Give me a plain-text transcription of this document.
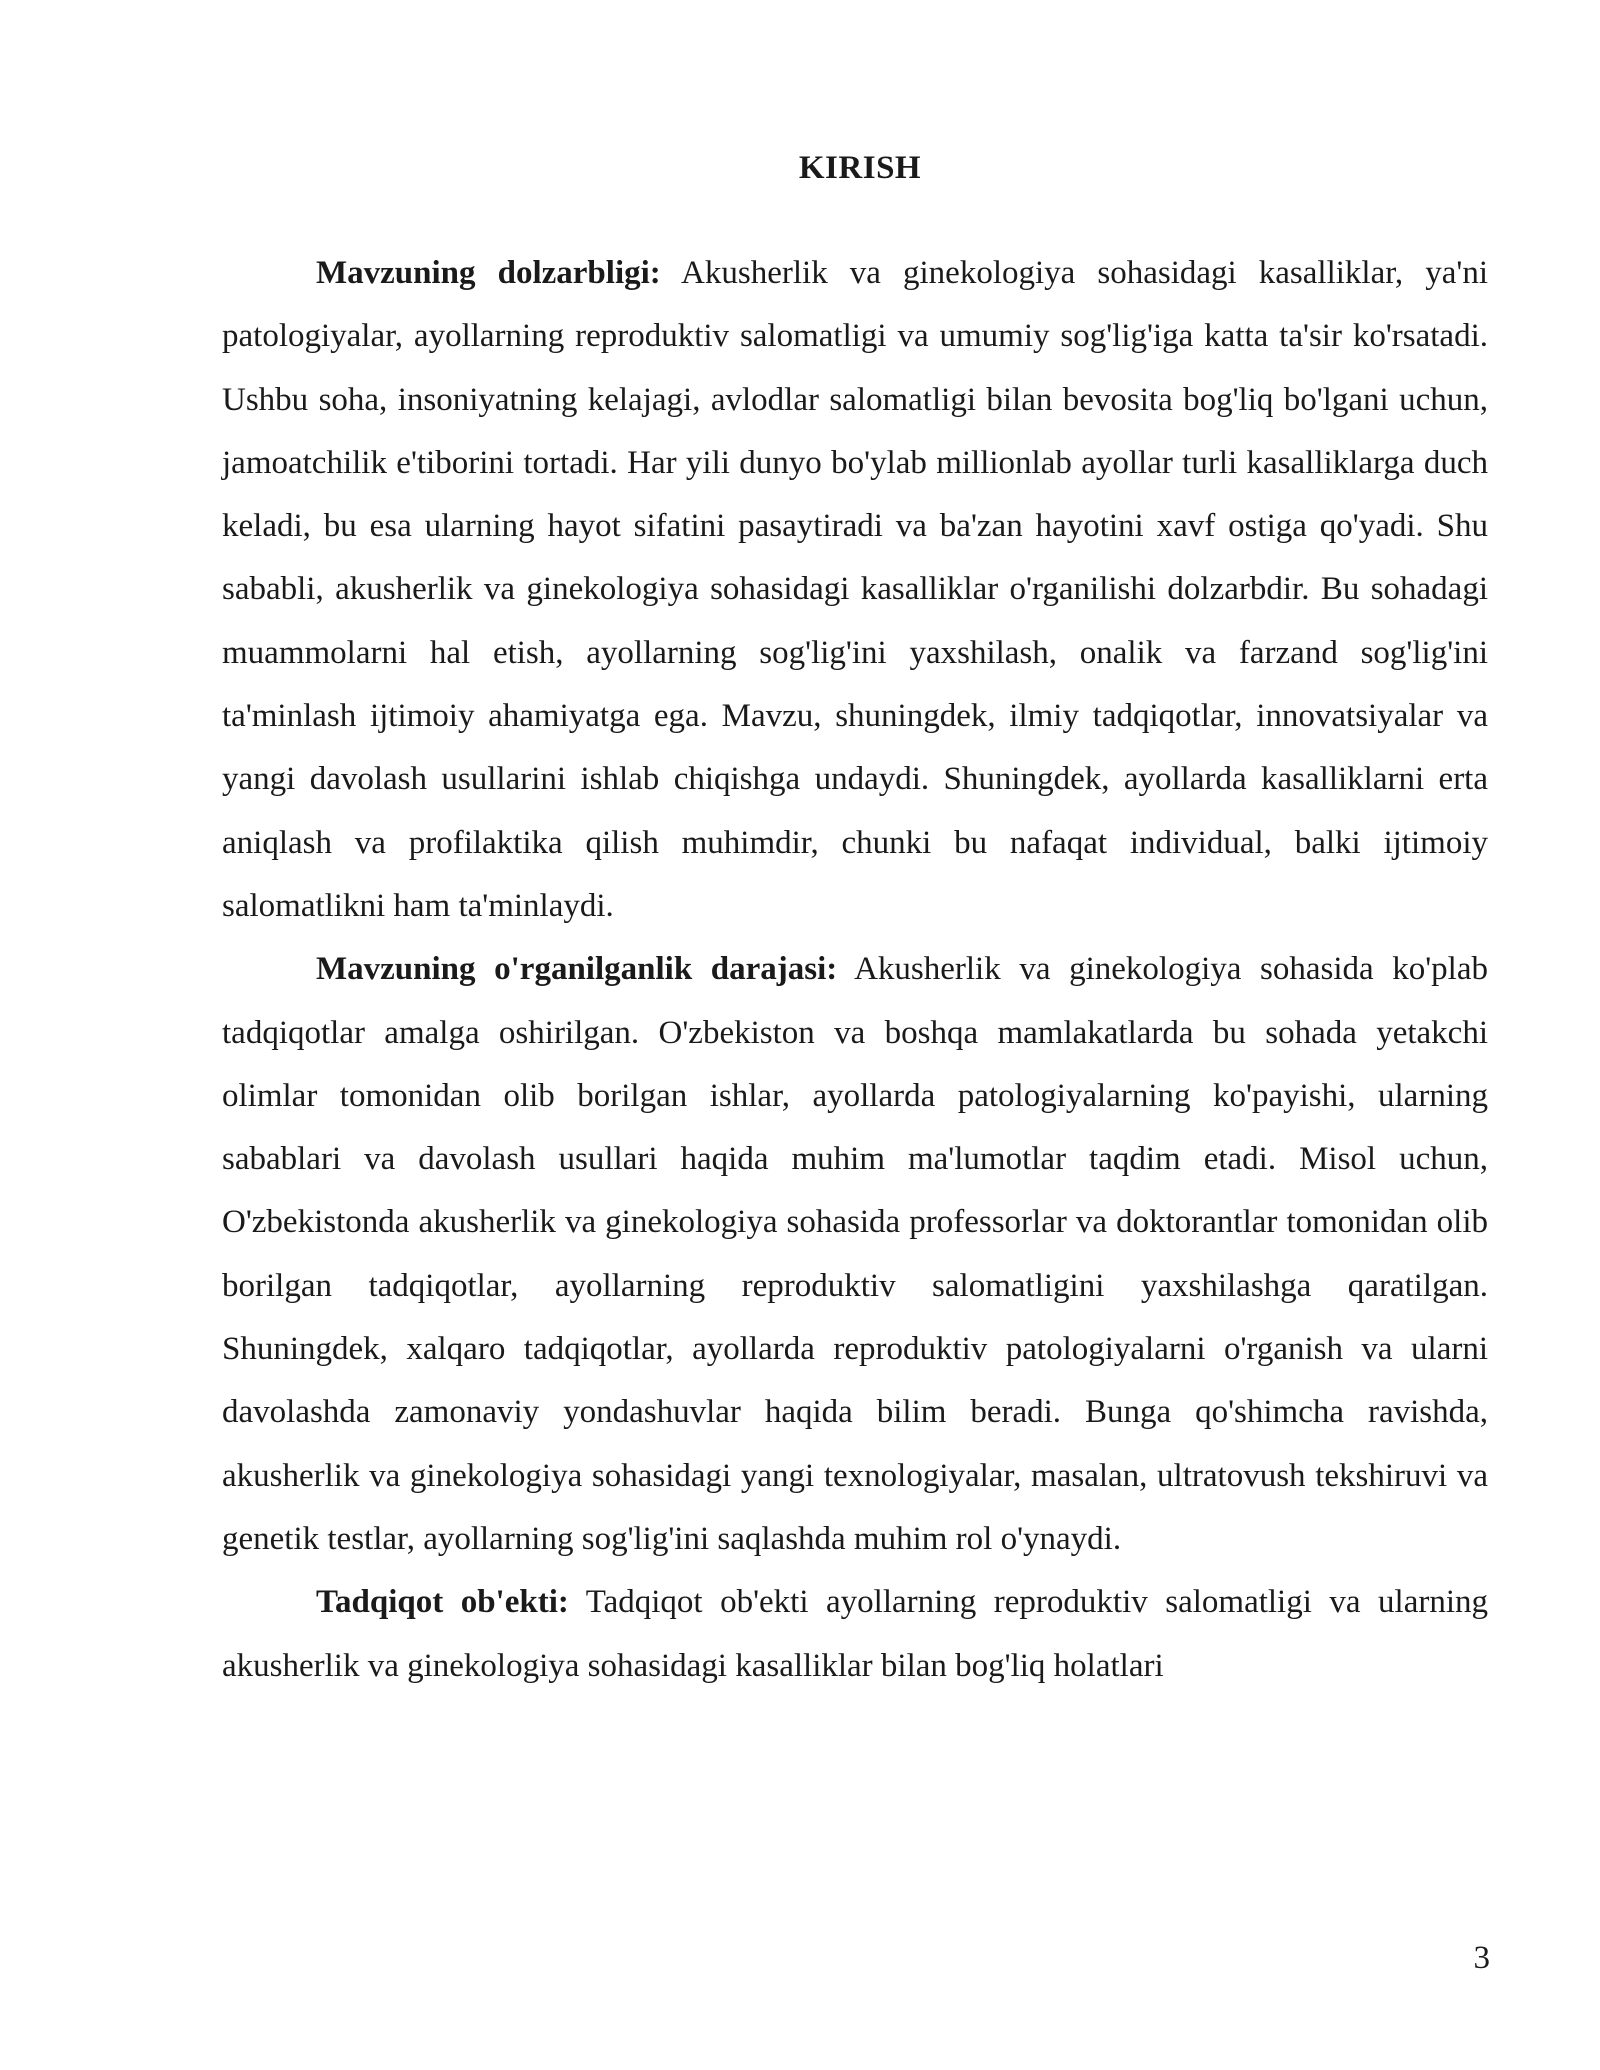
KIRISH

Mavzuning dolzarbligi: Akusherlik va ginekologiya sohasidagi kasalliklar, ya'ni patologiyalar, ayollarning reproduktiv salomatligi va umumiy sog'lig'iga katta ta'sir ko'rsatadi. Ushbu soha, insoniyatning kelajagi, avlodlar salomatligi bilan bevosita bog'liq bo'lgani uchun, jamoatchilik e'tiborini tortadi. Har yili dunyo bo'ylab millionlab ayollar turli kasalliklarga duch keladi, bu esa ularning hayot sifatini pasaytiradi va ba'zan hayotini xavf ostiga qo'yadi. Shu sababli, akusherlik va ginekologiya sohasidagi kasalliklar o'rganilishi dolzarbdir. Bu sohadagi muammolarni hal etish, ayollarning sog'lig'ini yaxshilash, onalik va farzand sog'lig'ini ta'minlash ijtimoiy ahamiyatga ega. Mavzu, shuningdek, ilmiy tadqiqotlar, innovatsiyalar va yangi davolash usullarini ishlab chiqishga undaydi. Shuningdek, ayollarda kasalliklarni erta aniqlash va profilaktika qilish muhimdir, chunki bu nafaqat individual, balki ijtimoiy salomatlikni ham ta'minlaydi.

Mavzuning o'rganilganlik darajasi: Akusherlik va ginekologiya sohasida ko'plab tadqiqotlar amalga oshirilgan. O'zbekiston va boshqa mamlakatlarda bu sohada yetakchi olimlar tomonidan olib borilgan ishlar, ayollarda patologiyalarning ko'payishi, ularning sabablari va davolash usullari haqida muhim ma'lumotlar taqdim etadi. Misol uchun, O'zbekistonda akusherlik va ginekologiya sohasida professorlar va doktorantlar tomonidan olib borilgan tadqiqotlar, ayollarning reproduktiv salomatligini yaxshilashga qaratilgan. Shuningdek, xalqaro tadqiqotlar, ayollarda reproduktiv patologiyalarni o'rganish va ularni davolashda zamonaviy yondashuvlar haqida bilim beradi. Bunga qo'shimcha ravishda, akusherlik va ginekologiya sohasidagi yangi texnologiyalar, masalan, ultratovush tekshiruvi va genetik testlar, ayollarning sog'lig'ini saqlashda muhim rol o'ynaydi.

Tadqiqot ob'ekti: Tadqiqot ob'ekti ayollarning reproduktiv salomatligi va ularning akusherlik va ginekologiya sohasidagi kasalliklar bilan bog'liq holatlari

3
